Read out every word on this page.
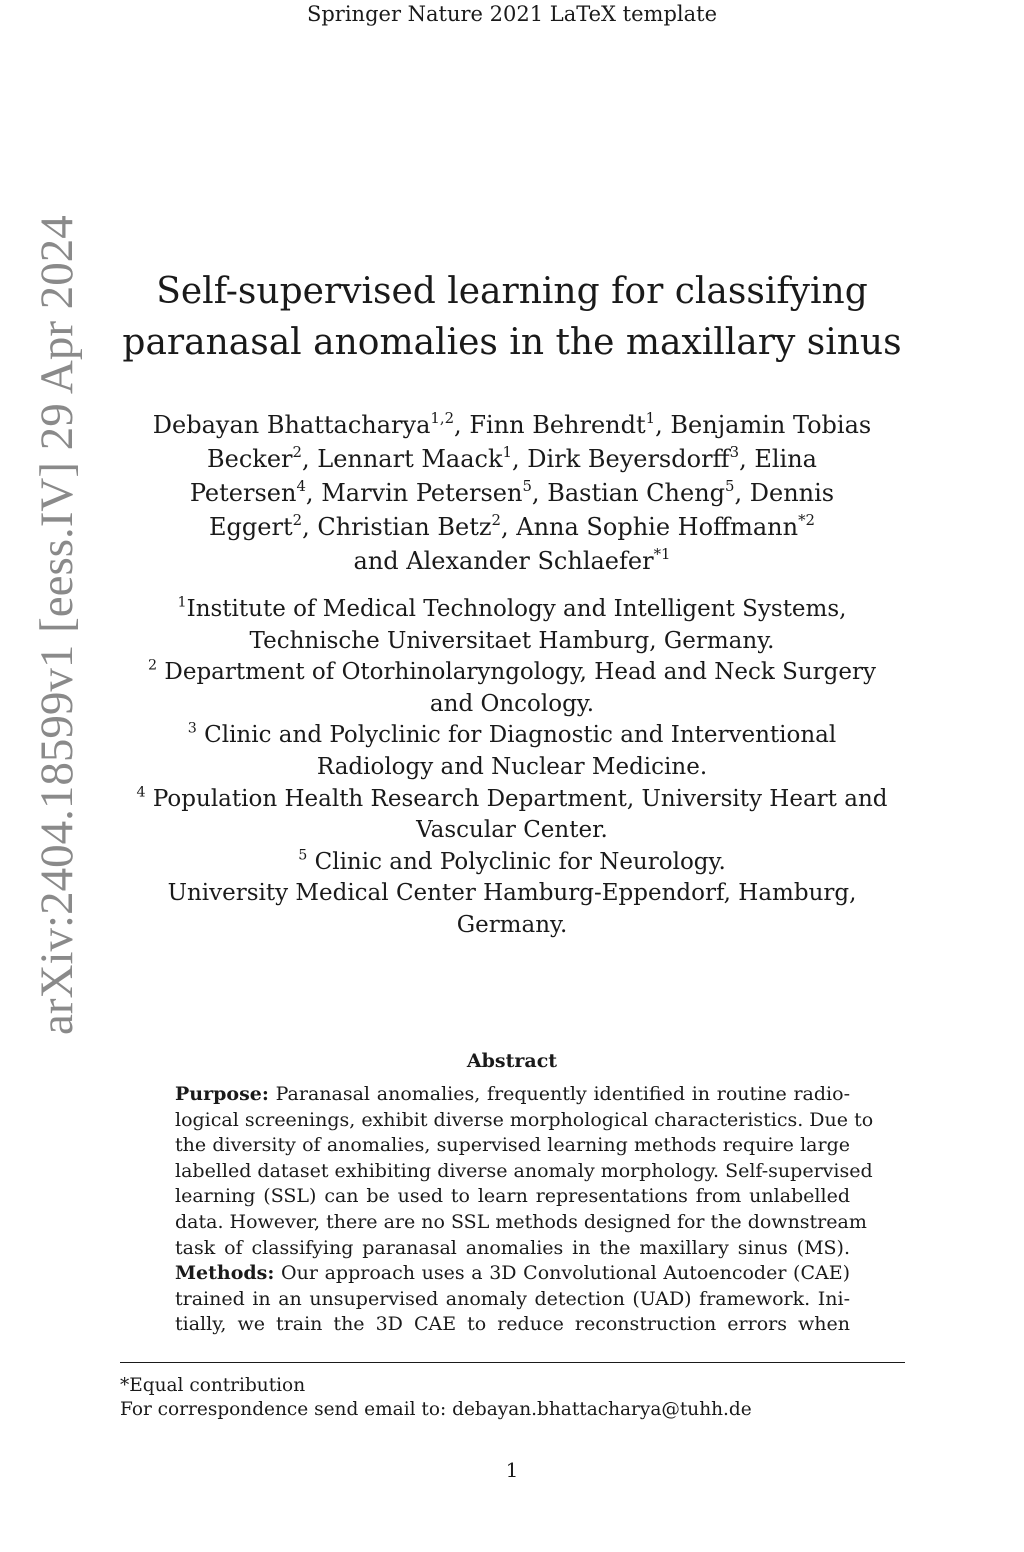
Springer Nature 2021 LaTeX template
arXiv:2404.18599v1 [eess.IV] 29 Apr 2024	Self-supervised learning for classifying
paranasal anomalies in the maxillary sinus
Debayan Bhattacharya$^{1,2}$, Finn Behrendt$^1$, Benjamin Tobias
Becker$^2$, Lennart Maack$^1$, Dirk Beyersdorff$^3$, Elina
Petersen$^4$, Marvin Petersen$^5$, Bastian Cheng$^5$, Dennis
Eggert$^2$, Christian Betz$^2$, Anna Sophie Hoffmann$^{*2}$
and Alexander Schlaefer$^{*1}$
$^1$Institute of Medical Technology and Intelligent Systems,
Technische Universitaet Hamburg, Germany.
$^2$ Department of Otorhinolaryngology, Head and Neck Surgery
and Oncology.
$^3$ Clinic and Polyclinic for Diagnostic and Interventional
Radiology and Nuclear Medicine.
$^4$ Population Health Research Department, University Heart and
Vascular Center.
$^5$ Clinic and Polyclinic for Neurology.
University Medical Center Hamburg-Eppendorf, Hamburg,
Germany.
Abstract
Purpose: Paranasal anomalies, frequently identified in routine radio-
logical screenings, exhibit diverse morphological characteristics. Due to
the diversity of anomalies, supervised learning methods require large
labelled dataset exhibiting diverse anomaly morphology. Self-supervised
learning (SSL) can be used to learn representations from unlabelled
data. However, there are no SSL methods designed for the downstream
task of classifying paranasal anomalies in the maxillary sinus (MS).
Methods: Our approach uses a 3D Convolutional Autoencoder (CAE)
trained in an unsupervised anomaly detection (UAD) framework. Ini-
tially, we train the 3D CAE to reduce reconstruction errors when
*Equal contribution
For correspondence send email to: debayan.bhattacharya@tuhh.de
1
